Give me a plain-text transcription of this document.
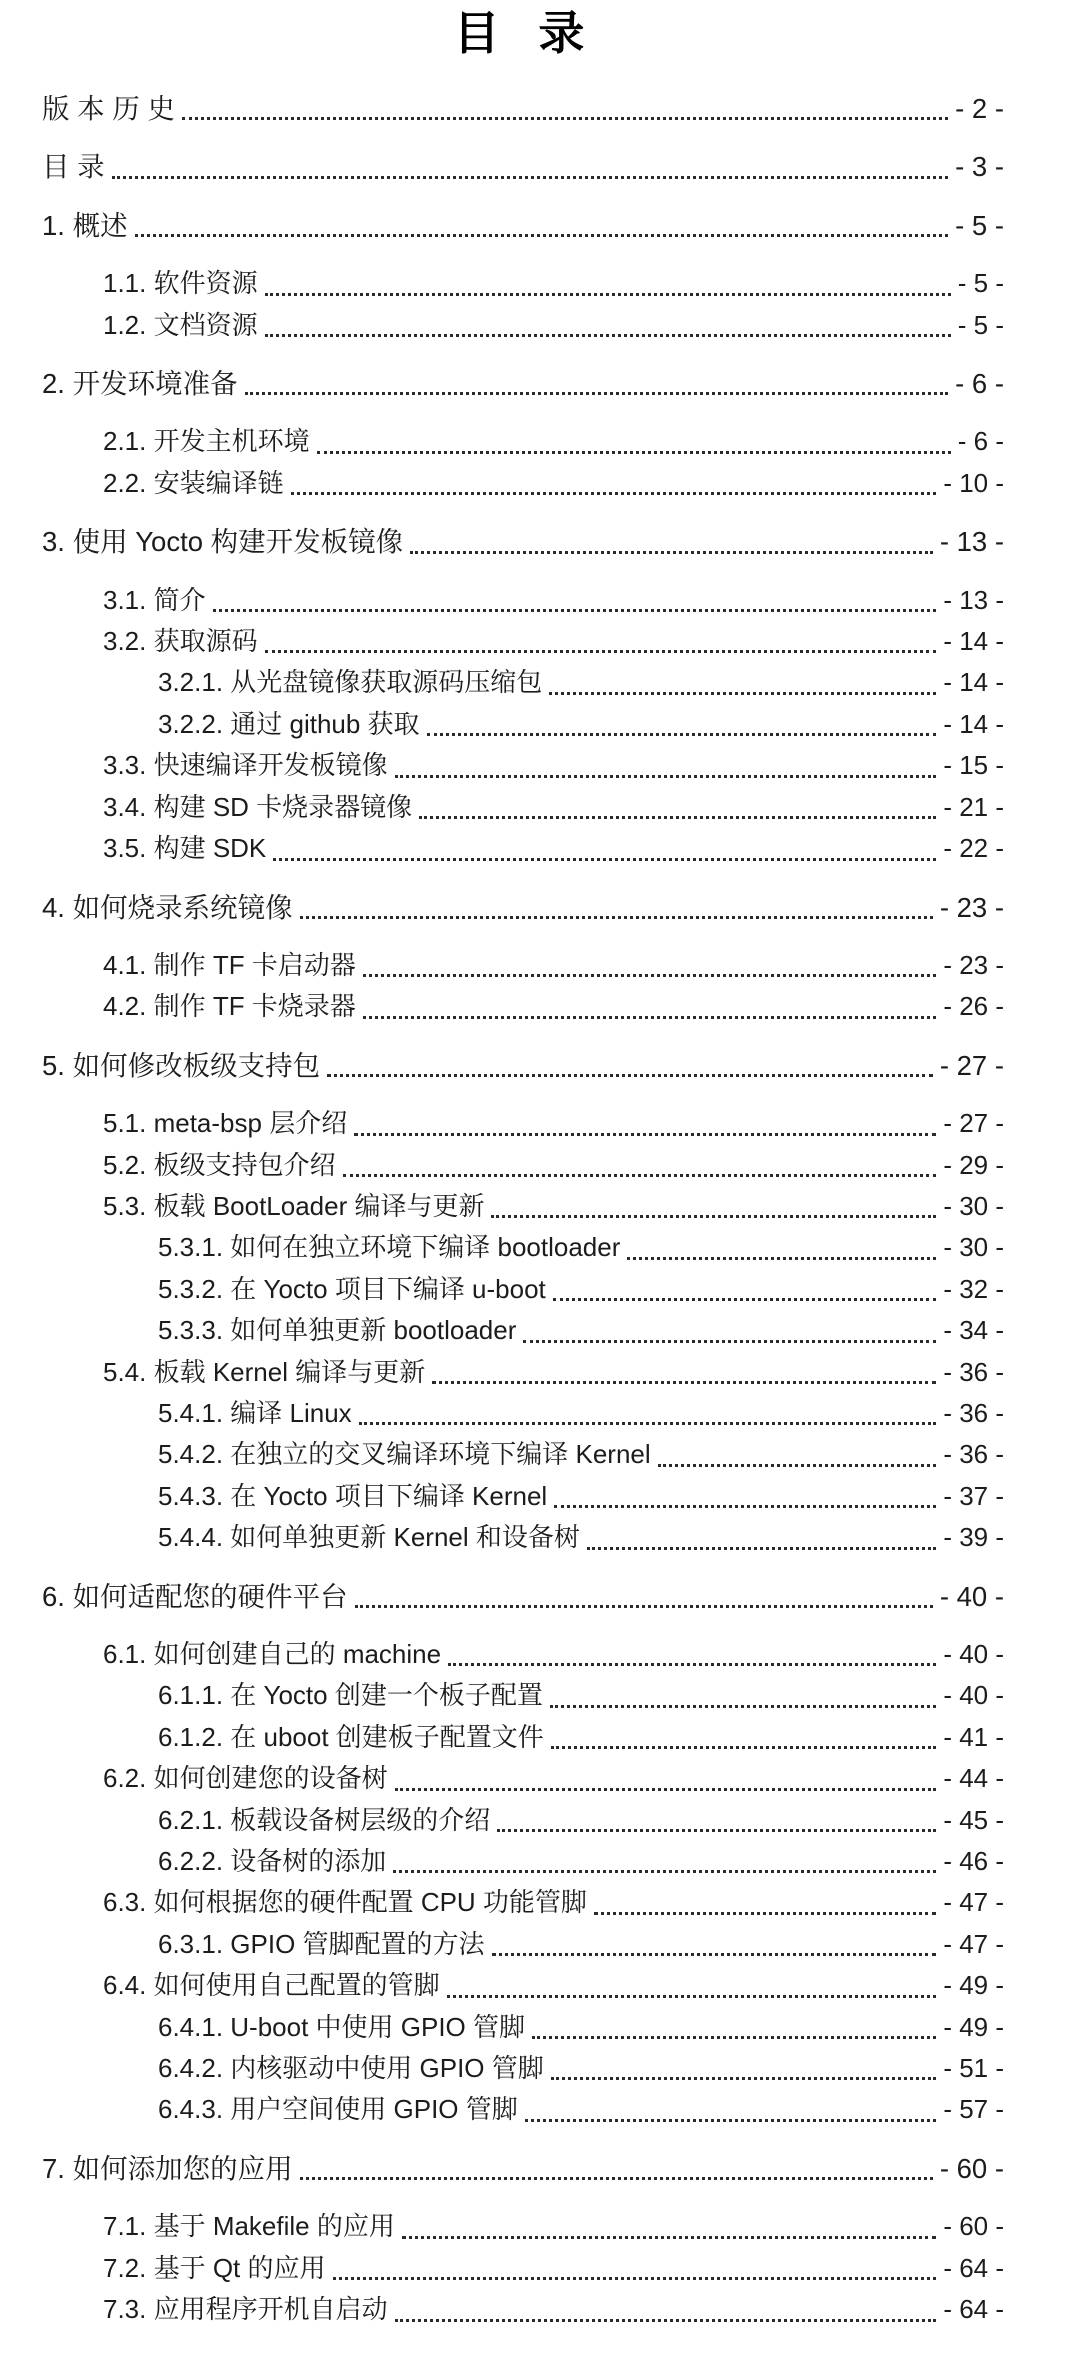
目 录
版 本 历 史	- 2 -
目 录	- 3 -
1. 概述	- 5 -
1.1. 软件资源	- 5 -
1.2. 文档资源	- 5 -
2. 开发环境准备	- 6 -
2.1. 开发主机环境	- 6 -
2.2. 安装编译链	- 10 -
3. 使用 Yocto 构建开发板镜像	- 13 -
3.1. 简介	- 13 -
3.2. 获取源码	- 14 -
3.2.1. 从光盘镜像获取源码压缩包	- 14 -
3.2.2. 通过 github 获取	- 14 -
3.3. 快速编译开发板镜像	- 15 -
3.4. 构建 SD 卡烧录器镜像	- 21 -
3.5. 构建 SDK	- 22 -
4. 如何烧录系统镜像	- 23 -
4.1. 制作 TF 卡启动器	- 23 -
4.2. 制作 TF 卡烧录器	- 26 -
5. 如何修改板级支持包	- 27 -
5.1. meta-bsp 层介绍	- 27 -
5.2. 板级支持包介绍	- 29 -
5.3. 板载 BootLoader 编译与更新	- 30 -
5.3.1. 如何在独立环境下编译 bootloader	- 30 -
5.3.2. 在 Yocto 项目下编译 u-boot	- 32 -
5.3.3. 如何单独更新 bootloader	- 34 -
5.4. 板载 Kernel 编译与更新	- 36 -
5.4.1. 编译 Linux	- 36 -
5.4.2. 在独立的交叉编译环境下编译 Kernel	- 36 -
5.4.3. 在 Yocto 项目下编译 Kernel	- 37 -
5.4.4. 如何单独更新 Kernel 和设备树	- 39 -
6. 如何适配您的硬件平台	- 40 -
6.1. 如何创建自己的 machine	- 40 -
6.1.1. 在 Yocto 创建一个板子配置	- 40 -
6.1.2. 在 uboot 创建板子配置文件	- 41 -
6.2. 如何创建您的设备树	- 44 -
6.2.1. 板载设备树层级的介绍	- 45 -
6.2.2. 设备树的添加	- 46 -
6.3. 如何根据您的硬件配置 CPU 功能管脚	- 47 -
6.3.1. GPIO 管脚配置的方法	- 47 -
6.4. 如何使用自己配置的管脚	- 49 -
6.4.1. U-boot 中使用 GPIO 管脚	- 49 -
6.4.2. 内核驱动中使用 GPIO 管脚	- 51 -
6.4.3. 用户空间使用 GPIO 管脚	- 57 -
7. 如何添加您的应用	- 60 -
7.1. 基于 Makefile 的应用	- 60 -
7.2. 基于 Qt 的应用	- 64 -
7.3. 应用程序开机自启动	- 64 -
